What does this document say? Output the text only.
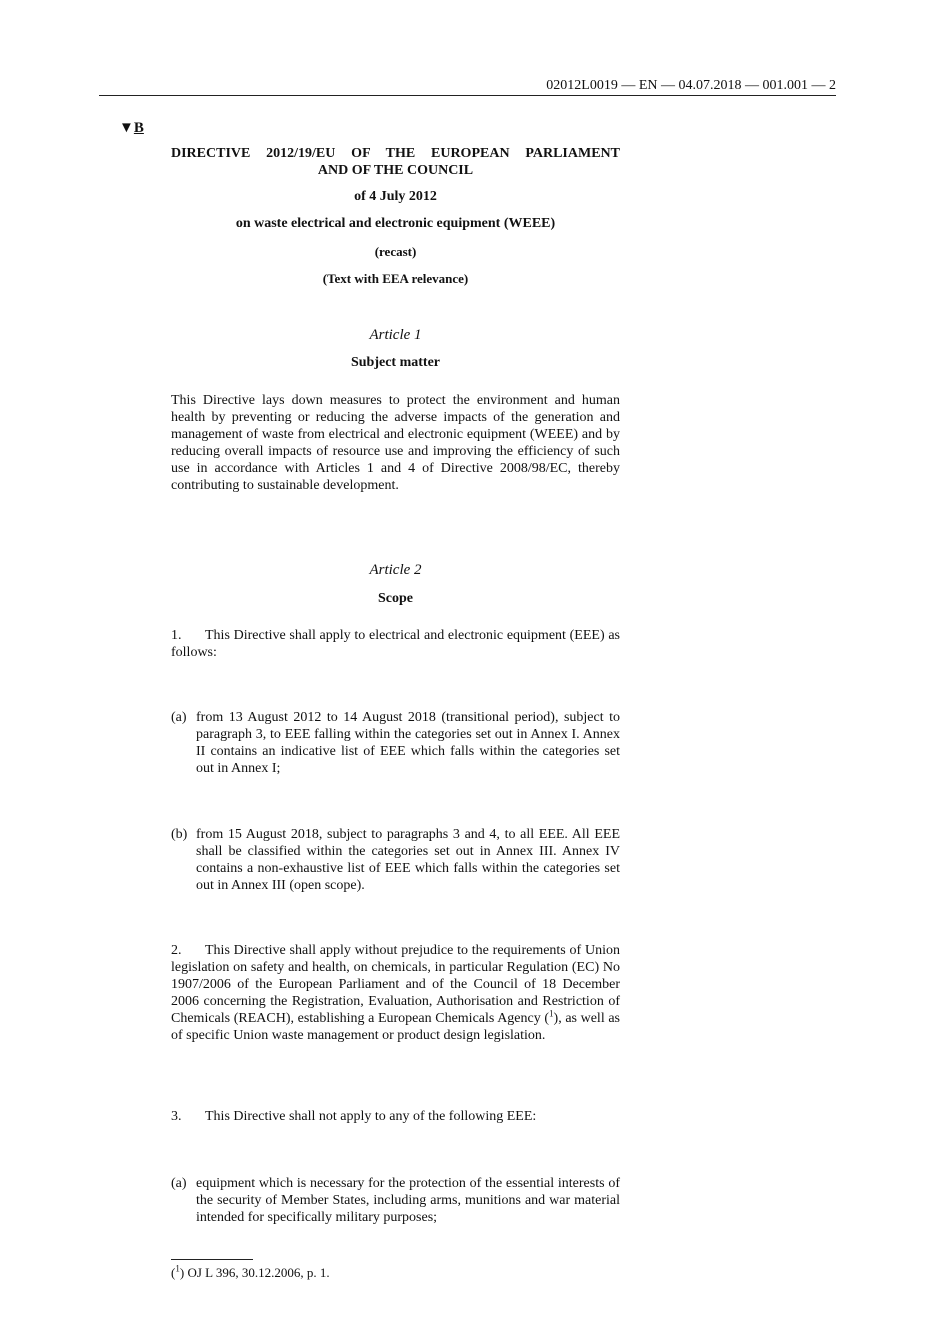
02012L0019 — EN — 04.07.2018 — 001.001 — 2
▼B
DIRECTIVE 2012/19/EU OF THE EUROPEAN PARLIAMENT
AND OF THE COUNCIL
of 4 July 2012
on waste electrical and electronic equipment (WEEE)
(recast)
(Text with EEA relevance)
Article 1
Subject matter
This Directive lays down measures to protect the environment and human health by preventing or reducing the adverse impacts of the generation and management of waste from electrical and electronic equipment (WEEE) and by reducing overall impacts of resource use and improving the efficiency of such use in accordance with Articles 1 and 4 of Directive 2008/98/EC, thereby contributing to sustainable development.
Article 2
Scope
1. This Directive shall apply to electrical and electronic equipment (EEE) as follows:
(a) from 13 August 2012 to 14 August 2018 (transitional period), subject to paragraph 3, to EEE falling within the categories set out in Annex I. Annex II contains an indicative list of EEE which falls within the categories set out in Annex I;
(b) from 15 August 2018, subject to paragraphs 3 and 4, to all EEE. All EEE shall be classified within the categories set out in Annex III. Annex IV contains a non-exhaustive list of EEE which falls within the categories set out in Annex III (open scope).
2. This Directive shall apply without prejudice to the requirements of Union legislation on safety and health, on chemicals, in particular Regulation (EC) No 1907/2006 of the European Parliament and of the Council of 18 December 2006 concerning the Registration, Evaluation, Authorisation and Restriction of Chemicals (REACH), establishing a European Chemicals Agency ($^1$), as well as of specific Union waste management or product design legislation.
3. This Directive shall not apply to any of the following EEE:
(a) equipment which is necessary for the protection of the essential interests of the security of Member States, including arms, munitions and war material intended for specifically military purposes;
($^1$) OJ L 396, 30.12.2006, p. 1.
